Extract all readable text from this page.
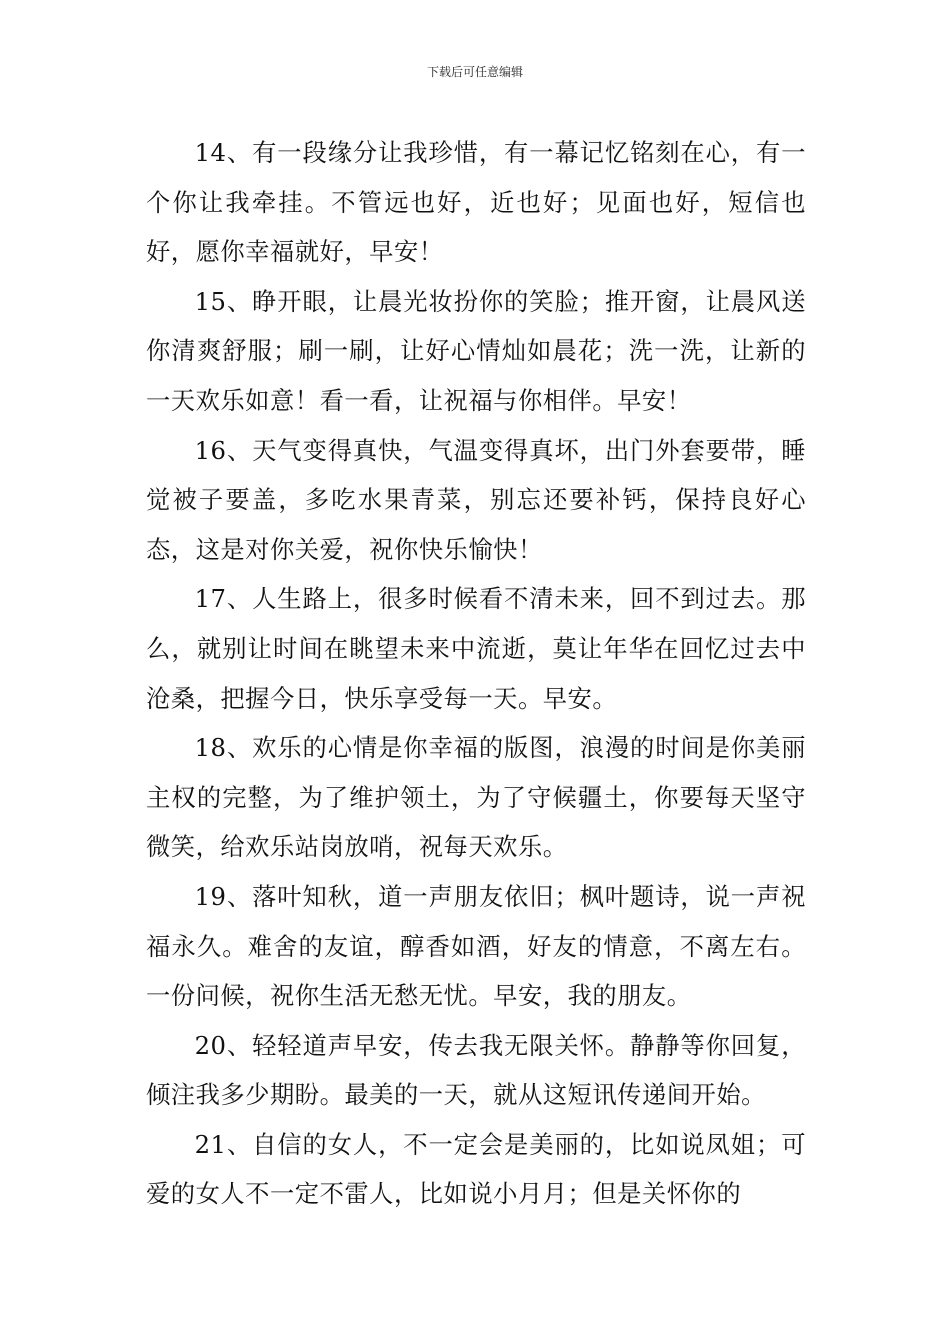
下载后可任意编辑

14、有一段缘分让我珍惜，有一幕记忆铭刻在心，有一个你让我牵挂。不管远也好，近也好；见面也好，短信也好，愿你幸福就好，早安！

15、睁开眼，让晨光妆扮你的笑脸；推开窗，让晨风送你清爽舒服；刷一刷，让好心情灿如晨花；洗一洗，让新的一天欢乐如意！看一看，让祝福与你相伴。早安！

16、天气变得真快，气温变得真坏，出门外套要带，睡觉被子要盖，多吃水果青菜，别忘还要补钙，保持良好心态，这是对你关爱，祝你快乐愉快！

17、人生路上，很多时候看不清未来，回不到过去。那么，就别让时间在眺望未来中流逝，莫让年华在回忆过去中沧桑，把握今日，快乐享受每一天。早安。

18、欢乐的心情是你幸福的版图，浪漫的时间是你美丽主权的完整，为了维护领土，为了守候疆土，你要每天坚守微笑，给欢乐站岗放哨，祝每天欢乐。

19、落叶知秋，道一声朋友依旧；枫叶题诗，说一声祝福永久。难舍的友谊，醇香如酒，好友的情意，不离左右。一份问候，祝你生活无愁无忧。早安，我的朋友。

20、轻轻道声早安，传去我无限关怀。静静等你回复，倾注我多少期盼。最美的一天，就从这短讯传递间开始。

21、自信的女人，不一定会是美丽的，比如说凤姐；可爱的女人不一定不雷人，比如说小月月；但是关怀你的
